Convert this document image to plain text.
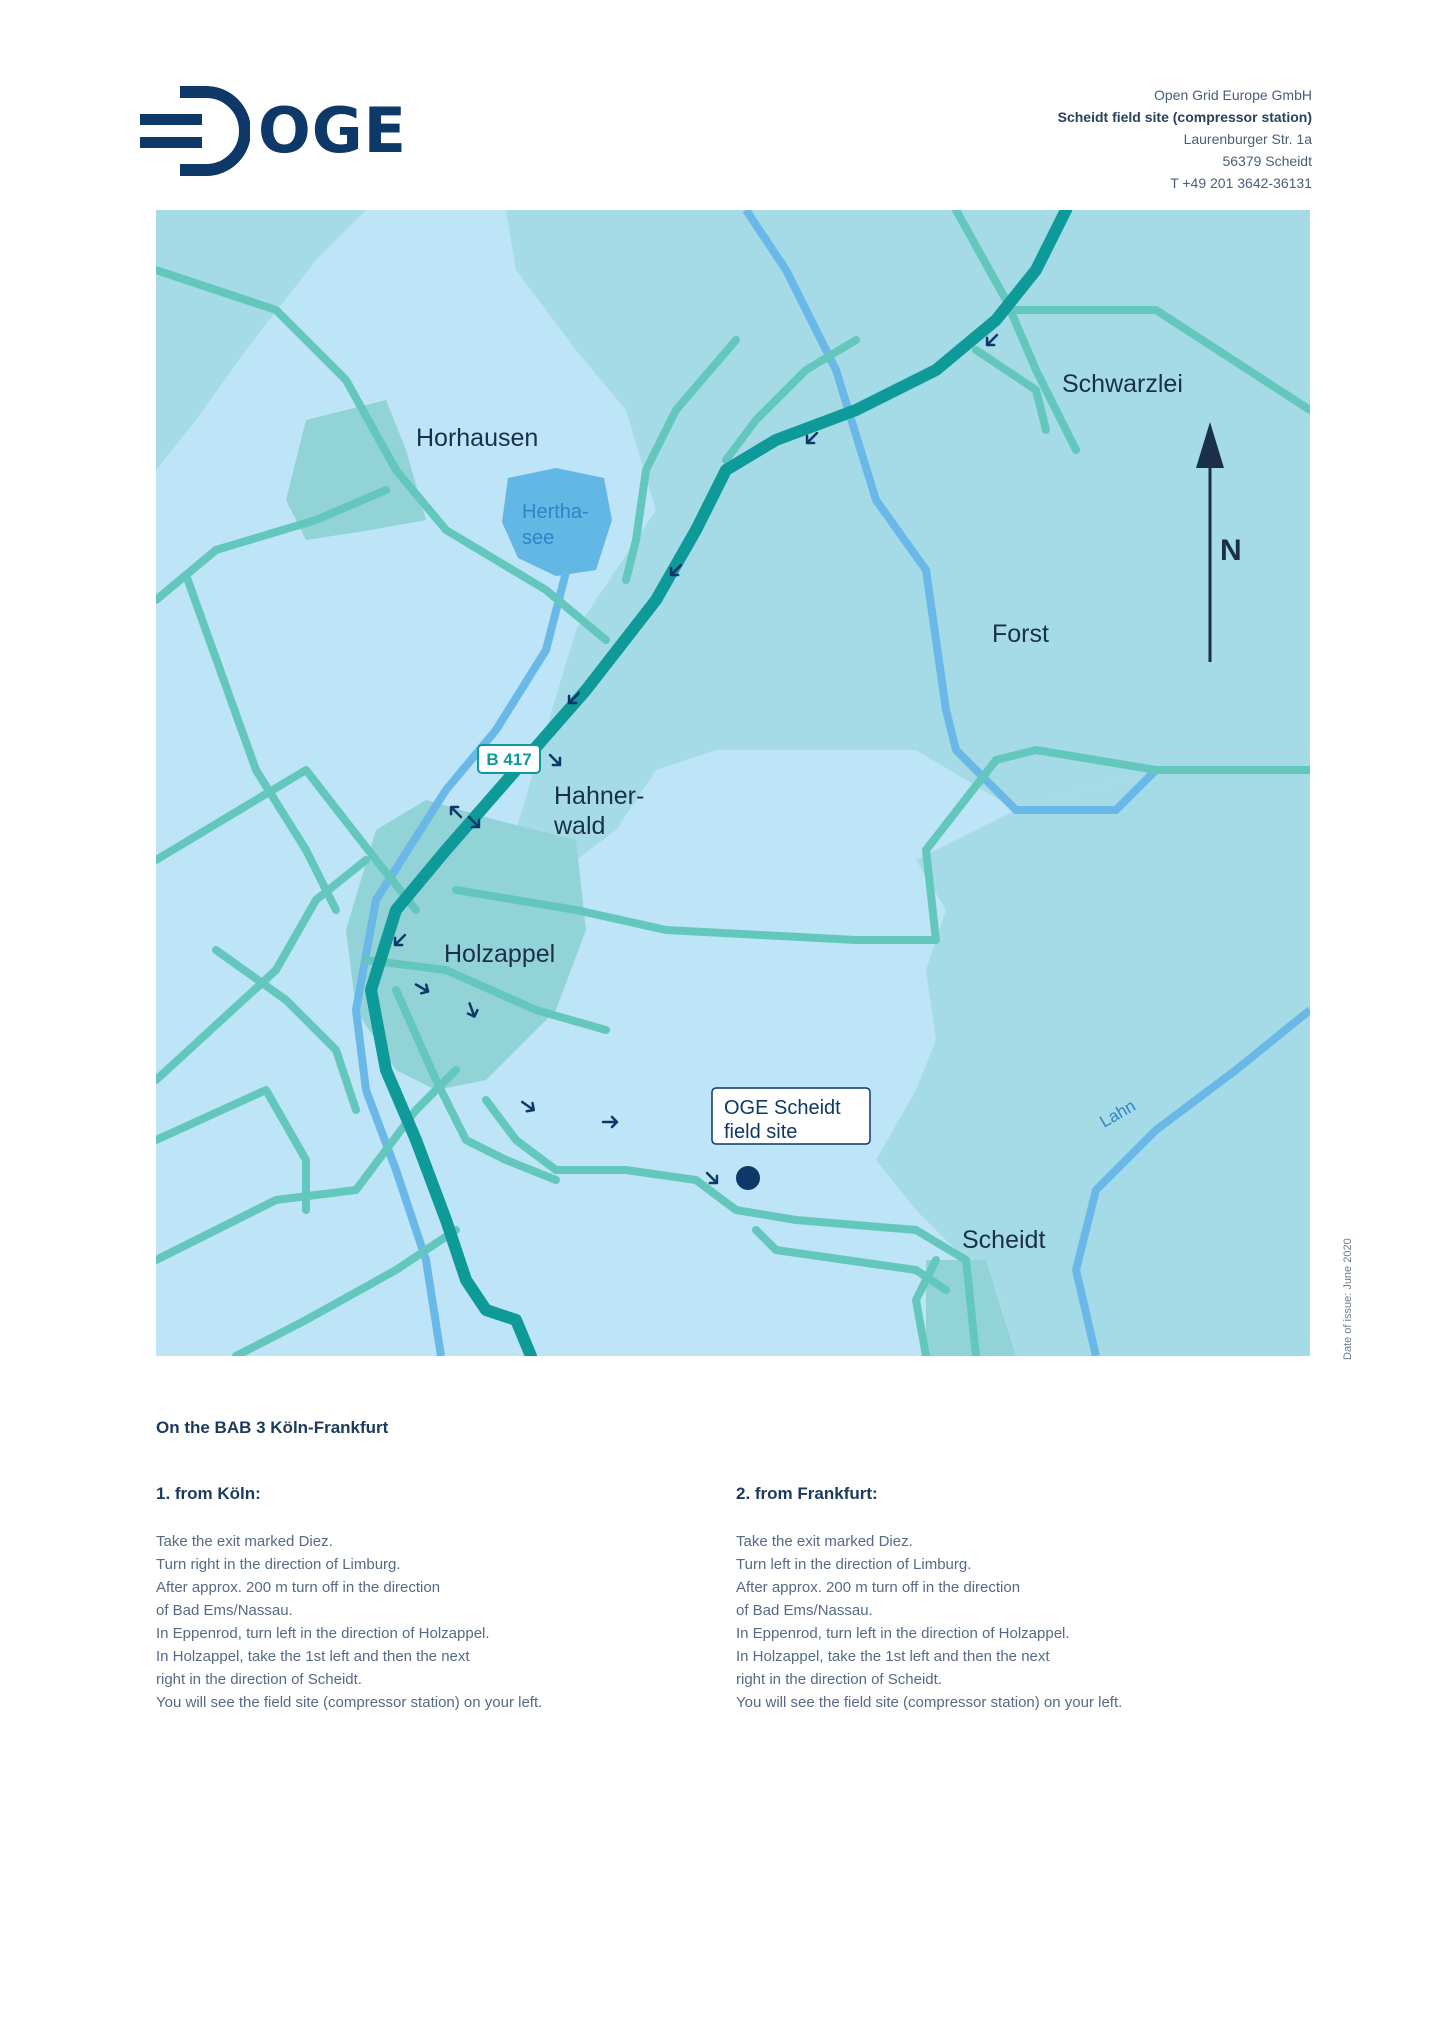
OGE	Open Grid Europe GmbH
Scheidt field site (compressor station)
Laurenburger Str. 1a
56379 Scheidt
T +49 201 3642-36131
B 417
Horhausen
Schwarzlei
Forst
Holzappel
Scheidt
Hahner-
wald
Hertha-
see
Lahn
N
OGE Scheidt
field site
Date of issue: June 2020
On the BAB 3 Köln-Frankfurt
1. from Köln:

Take the exit marked Diez.

Turn right in the direction of Limburg.

After approx. 200 m turn off in the direction

of Bad Ems/Nassau.

In Eppenrod, turn left in the direction of Holzappel.

In Holzappel, take the 1st left and then the next

right in the direction of Scheidt.

You will see the field site (compressor station) on your left.

2. from Frankfurt:

Take the exit marked Diez.

Turn left in the direction of Limburg.

After approx. 200 m turn off in the direction

of Bad Ems/Nassau.

In Eppenrod, turn left in the direction of Holzappel.

In Holzappel, take the 1st left and then the next

right in the direction of Scheidt.

You will see the field site (compressor station) on your left.
